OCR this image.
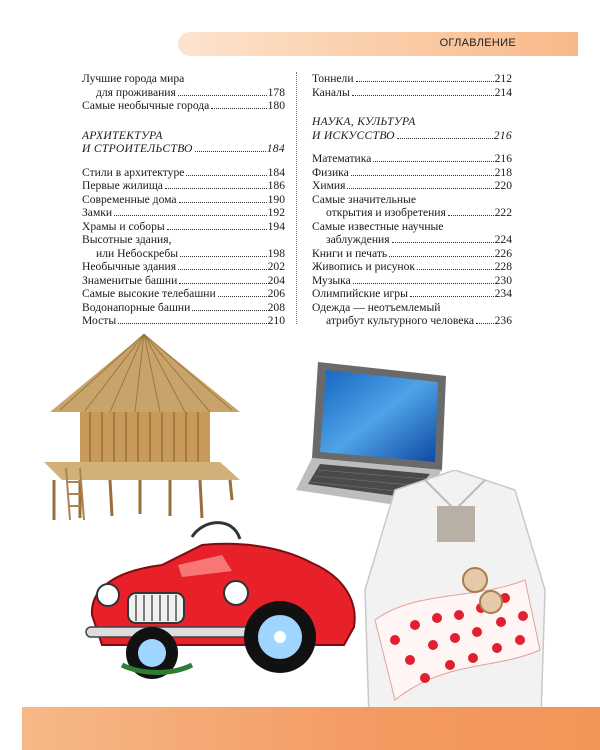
ОГЛАВЛЕНИЕ
Лучшие города мира
для проживания	178
Самые необычные города	180
АРХИТЕКТУРА
И СТРОИТЕЛЬСТВО	184
Стили в архитектуре	184
Первые жилища	186
Современные дома	190
Замки	192
Храмы и соборы	194
Высотные здания,
или Небоскребы	198
Необычные здания	202
Знаменитые башни	204
Самые высокие телебашни	206
Водонапорные башни	208
Мосты	210
Тоннели	212
Каналы	214
НАУКА, КУЛЬТУРА
И ИСКУССТВО	216
Математика	216
Физика	218
Химия	220
Самые значительные
открытия и изобретения	222
Самые известные научные
заблуждения	224
Книги и печать	226
Живопись и рисунок	228
Музыка	230
Олимпийские игры	234
Одежда — неотъемлемый
атрибут культурного человека 236
